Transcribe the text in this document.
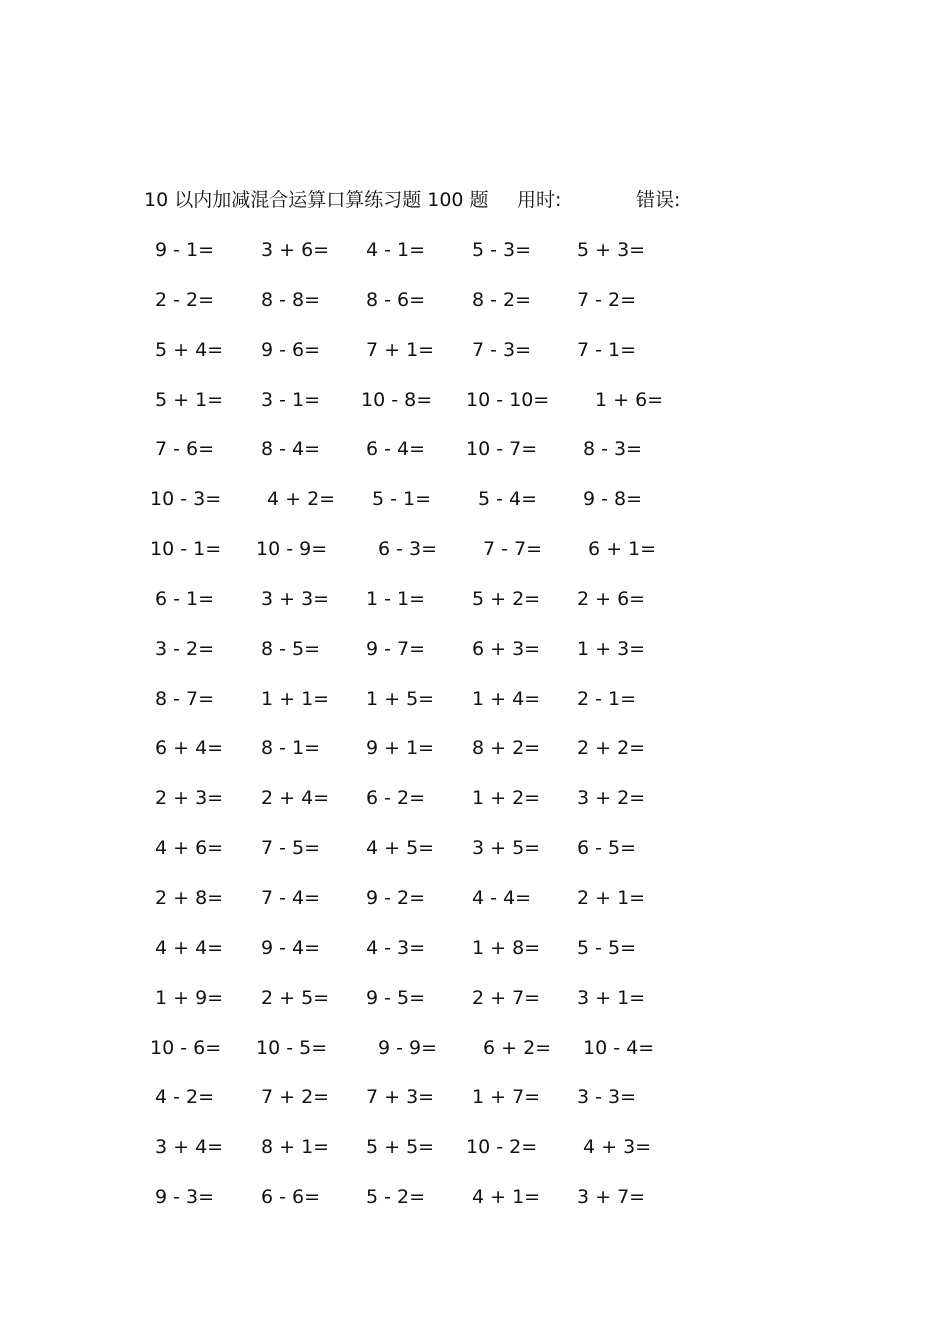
10 以内加减混合运算口算练习题 100 题 用时:	错误:
9 - 1= 3 + 6= 4 - 1= 5 - 3= 5 + 3=
2 - 2= 8 - 8= 8 - 6= 8 - 2= 7 - 2=
5 + 4= 9 - 6= 7 + 1= 7 - 3= 7 - 1=
5 + 1= 3 - 1= 10 - 8= 10 - 10= 1 + 6=
7 - 6= 8 - 4= 6 - 4= 10 - 7= 8 - 3=
10 - 3= 4 + 2= 5 - 1= 5 - 4= 9 - 8=
10 - 1= 10 - 9=	6 - 3= 7 - 7= 6 + 1=
6 - 1= 3 + 3= 1 - 1= 5 + 2= 2 + 6=
3 - 2= 8 - 5= 9 - 7= 6 + 3= 1 + 3=
8 - 7= 1 + 1= 1 + 5= 1 + 4= 2 - 1=
6 + 4= 8 - 1= 9 + 1= 8 + 2= 2 + 2=
2 + 3= 2 + 4= 6 - 2= 1 + 2= 3 + 2=
4 + 6= 7 - 5= 4 + 5= 3 + 5= 6 - 5=
2 + 8= 7 - 4= 9 - 2= 4 - 4= 2 + 1=
4 + 4= 9 - 4= 4 - 3= 1 + 8= 5 - 5=
1 + 9= 2 + 5= 9 - 5= 2 + 7= 3 + 1=
10 - 6= 10 - 5=	9 - 9= 6 + 2= 10 - 4=
4 - 2= 7 + 2= 7 + 3= 1 + 7= 3 - 3=
3 + 4= 8 + 1= 5 + 5= 10 - 2= 4 + 3=
9 - 3= 6 - 6= 5 - 2= 4 + 1= 3 + 7=
